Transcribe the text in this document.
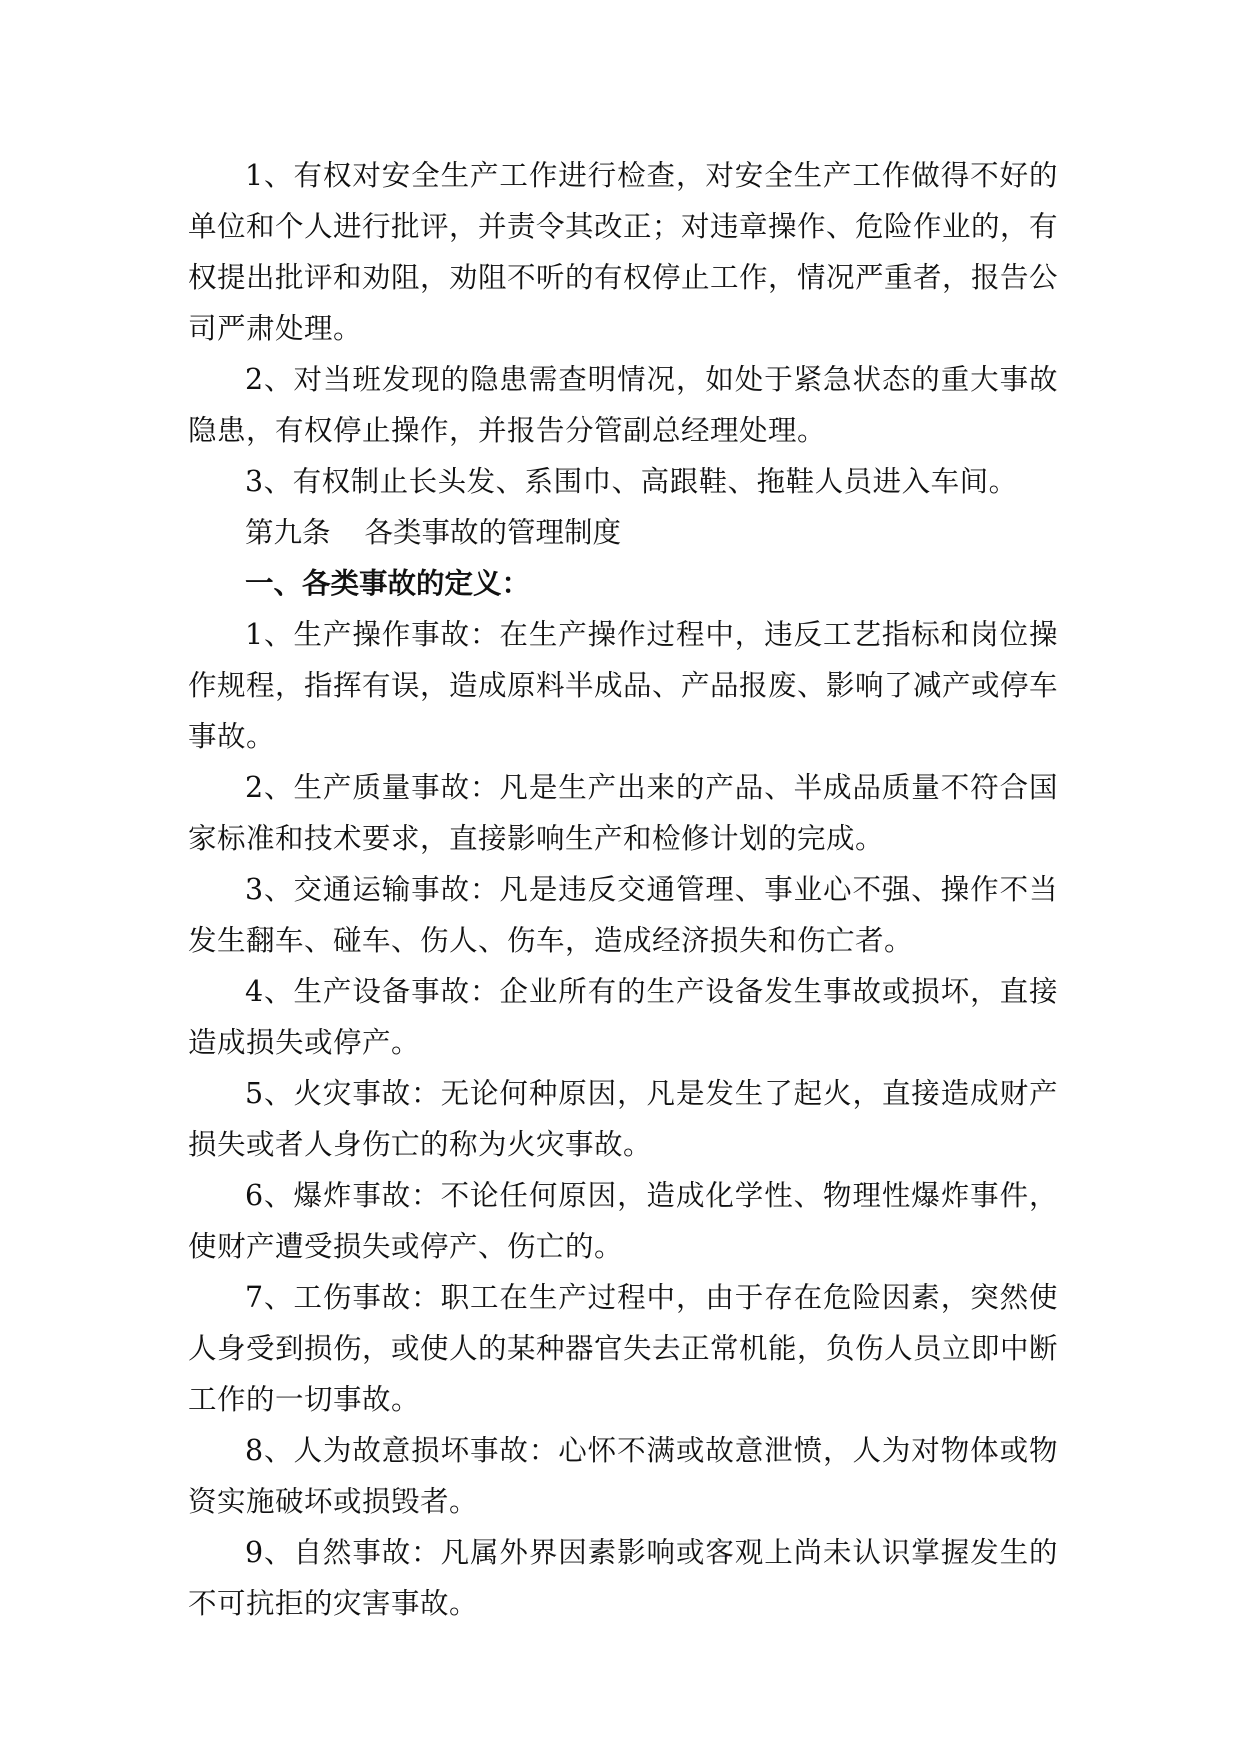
1、有权对安全生产工作进行检查，对安全生产工作做得不好的单位和个人进行批评，并责令其改正；对违章操作、危险作业的，有权提出批评和劝阻，劝阻不听的有权停止工作，情况严重者，报告公司严肃处理。

2、对当班发现的隐患需查明情况，如处于紧急状态的重大事故隐患，有权停止操作，并报告分管副总经理处理。

3、有权制止长头发、系围巾、高跟鞋、拖鞋人员进入车间。

第九条 各类事故的管理制度

一、各类事故的定义：

1、生产操作事故：在生产操作过程中，违反工艺指标和岗位操作规程，指挥有误，造成原料半成品、产品报废、影响了减产或停车事故。

2、生产质量事故：凡是生产出来的产品、半成品质量不符合国家标准和技术要求，直接影响生产和检修计划的完成。

3、交通运输事故：凡是违反交通管理、事业心不强、操作不当发生翻车、碰车、伤人、伤车，造成经济损失和伤亡者。

4、生产设备事故：企业所有的生产设备发生事故或损坏，直接造成损失或停产。

5、火灾事故：无论何种原因，凡是发生了起火，直接造成财产损失或者人身伤亡的称为火灾事故。

6、爆炸事故：不论任何原因，造成化学性、物理性爆炸事件，使财产遭受损失或停产、伤亡的。

7、工伤事故：职工在生产过程中，由于存在危险因素，突然使人身受到损伤，或使人的某种器官失去正常机能，负伤人员立即中断工作的一切事故。

8、人为故意损坏事故：心怀不满或故意泄愤，人为对物体或物资实施破坏或损毁者。

9、自然事故：凡属外界因素影响或客观上尚未认识掌握发生的不可抗拒的灾害事故。
